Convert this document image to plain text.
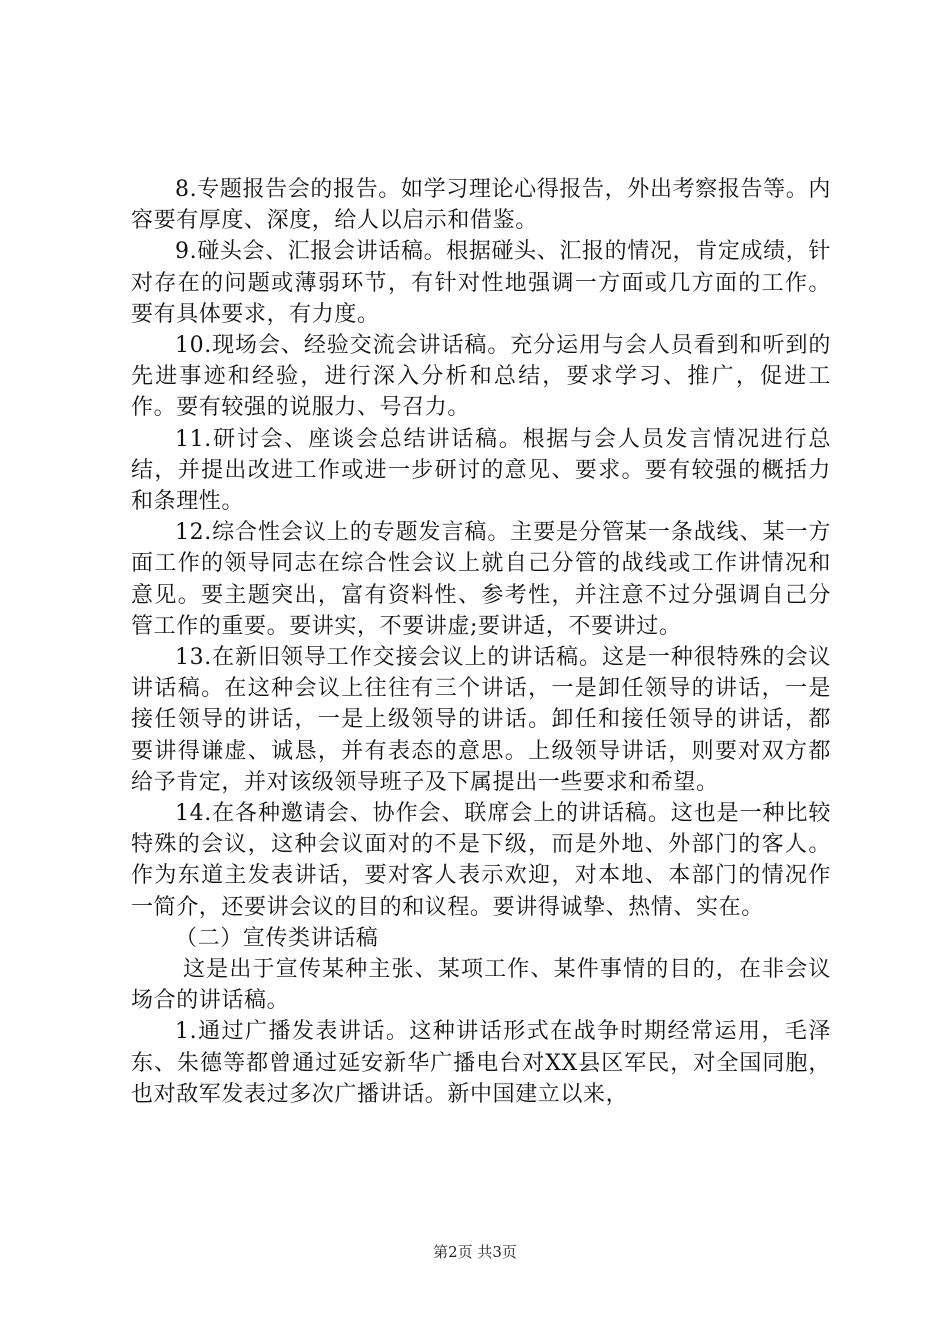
8.专题报告会的报告。如学习理论心得报告，外出考察报告等。内容要有厚度、深度，给人以启示和借鉴。

9.碰头会、汇报会讲话稿。根据碰头、汇报的情况，肯定成绩，针对存在的问题或薄弱环节，有针对性地强调一方面或几方面的工作。要有具体要求，有力度。

10.现场会、经验交流会讲话稿。充分运用与会人员看到和听到的先进事迹和经验，进行深入分析和总结，要求学习、推广，促进工作。要有较强的说服力、号召力。

11.研讨会、座谈会总结讲话稿。根据与会人员发言情况进行总结，并提出改进工作或进一步研讨的意见、要求。要有较强的概括力和条理性。

12.综合性会议上的专题发言稿。主要是分管某一条战线、某一方面工作的领导同志在综合性会议上就自己分管的战线或工作讲情况和意见。要主题突出，富有资料性、参考性，并注意不过分强调自己分管工作的重要。要讲实，不要讲虚;要讲适，不要讲过。

13.在新旧领导工作交接会议上的讲话稿。这是一种很特殊的会议讲话稿。在这种会议上往往有三个讲话，一是卸任领导的讲话，一是接任领导的讲话，一是上级领导的讲话。卸任和接任领导的讲话，都要讲得谦虚、诚恳，并有表态的意思。上级领导讲话，则要对双方都给予肯定，并对该级领导班子及下属提出一些要求和希望。

14.在各种邀请会、协作会、联席会上的讲话稿。这也是一种比较特殊的会议，这种会议面对的不是下级，而是外地、外部门的客人。作为东道主发表讲话，要对客人表示欢迎，对本地、本部门的情况作一简介，还要讲会议的目的和议程。要讲得诚挚、热情、实在。

（二）宣传类讲话稿

这是出于宣传某种主张、某项工作、某件事情的目的，在非会议场合的讲话稿。

1.通过广播发表讲话。这种讲话形式在战争时期经常运用，毛泽东、朱德等都曾通过延安新华广播电台对XX县区军民，对全国同胞，也对敌军发表过多次广播讲话。新中国建立以来，

第2页 共3页
